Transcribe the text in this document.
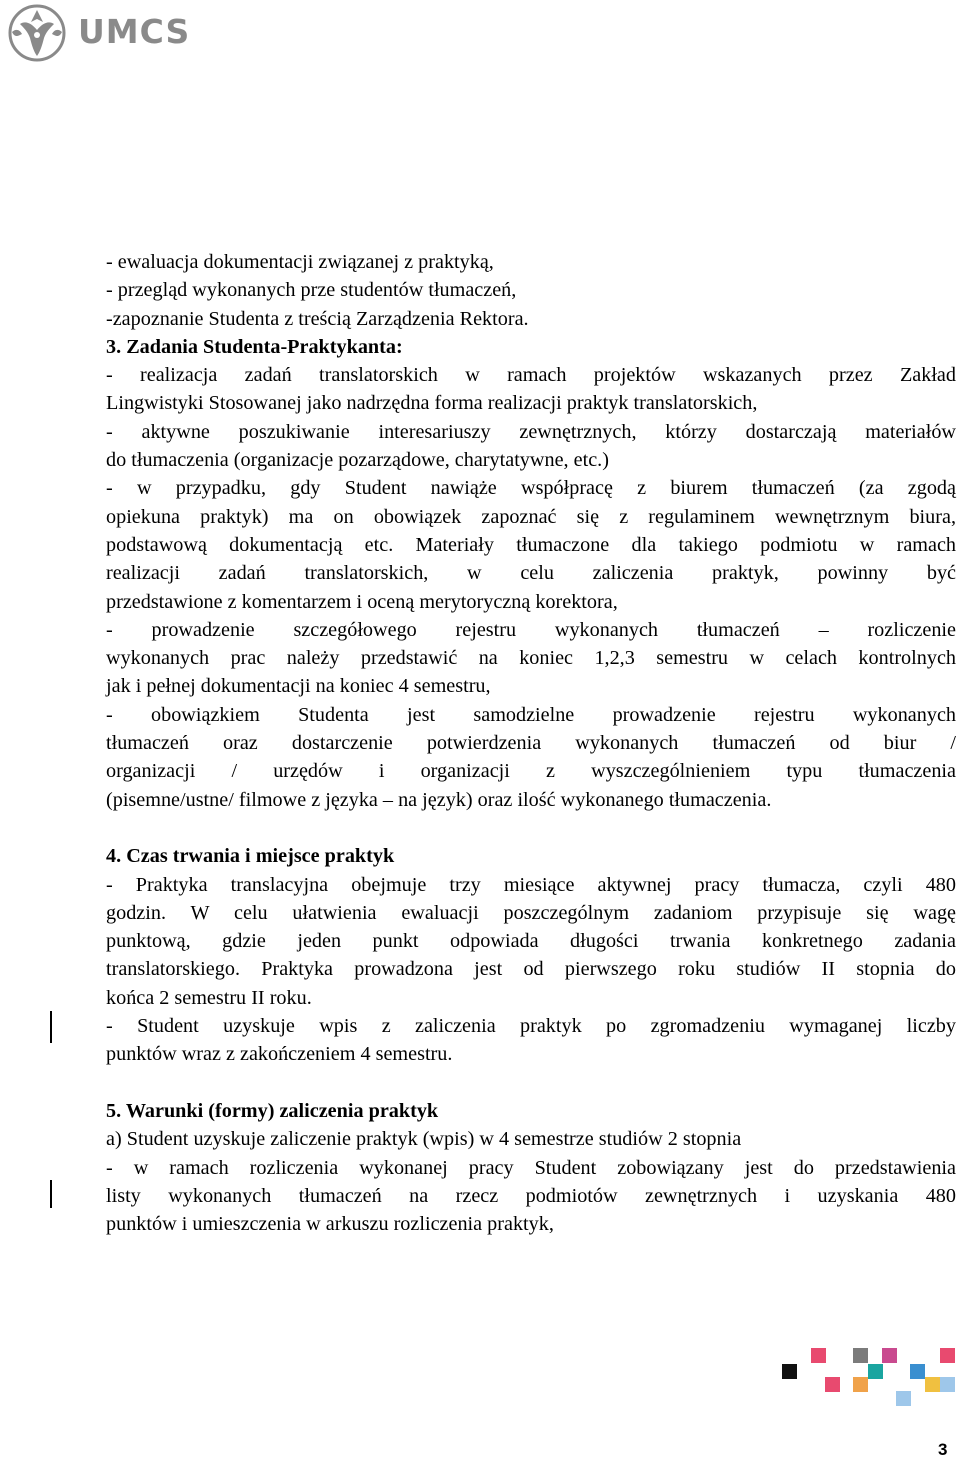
UMCS

- ewaluacja dokumentacji związanej z praktyką,

- przegląd wykonanych prze studentów tłumaczeń,

-zapoznanie Studenta z treścią Zarządzenia Rektora.

3. Zadania Studenta-Praktykanta:

- realizacja zadań translatorskich w ramach projektów wskazanych przez Zakład

Lingwistyki Stosowanej jako nadrzędna forma realizacji praktyk translatorskich,

- aktywne poszukiwanie interesariuszy zewnętrznych, którzy dostarczają materiałów

do tłumaczenia (organizacje pozarządowe, charytatywne, etc.)

- w przypadku, gdy Student nawiąże współpracę z biurem tłumaczeń (za zgodą

opiekuna praktyk) ma on obowiązek zapoznać się z regulaminem wewnętrznym biura,

podstawową dokumentacją etc. Materiały tłumaczone dla takiego podmiotu w ramach

realizacji zadań translatorskich, w celu zaliczenia praktyk, powinny być

przedstawione z komentarzem i oceną merytoryczną korektora,

- prowadzenie szczegółowego rejestru wykonanych tłumaczeń – rozliczenie

wykonanych prac należy przedstawić na koniec 1,2,3 semestru w celach kontrolnych

jak i pełnej dokumentacji na koniec 4 semestru,

- obowiązkiem Studenta jest samodzielne prowadzenie rejestru wykonanych

tłumaczeń oraz dostarczenie potwierdzenia wykonanych tłumaczeń od biur /

organizacji / urzędów i organizacji z wyszczególnieniem typu tłumaczenia

(pisemne/ustne/ filmowe z języka – na język) oraz ilość wykonanego tłumaczenia.

4. Czas trwania i miejsce praktyk

- Praktyka translacyjna obejmuje trzy miesiące aktywnej pracy tłumacza, czyli 480

godzin. W celu ułatwienia ewaluacji poszczególnym zadaniom przypisuje się wagę

punktową, gdzie jeden punkt odpowiada długości trwania konkretnego zadania

translatorskiego. Praktyka prowadzona jest od pierwszego roku studiów II stopnia do

końca 2 semestru II roku.

- Student uzyskuje wpis z zaliczenia praktyk po zgromadzeniu wymaganej liczby

punktów wraz z zakończeniem 4 semestru.

5. Warunki (formy) zaliczenia praktyk

a) Student uzyskuje zaliczenie praktyk (wpis) w 4 semestrze studiów 2 stopnia

- w ramach rozliczenia wykonanej pracy Student zobowiązany jest do przedstawienia

listy wykonanych tłumaczeń na rzecz podmiotów zewnętrznych i uzyskania 480

punktów i umieszczenia w arkuszu rozliczenia praktyk,

3
